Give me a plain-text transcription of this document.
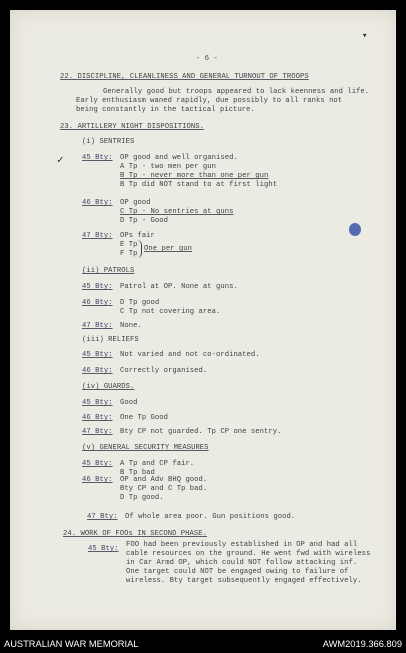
▾
- 6 -
22. DISCIPLINE, CLEANLINESS AND GENERAL TURNOUT OF TROOPS
Generally good but troops appeared to lack keenness and life.
Early enthusiasm waned rapidly, due possibly to all ranks not
being constantly in the tactical picture.
23. ARTILLERY NIGHT DISPOSITIONS.
(i) SENTRIES
✓	45 Bty: OP good and well organised.
A Tp - two men per gun
B Tp - never more than one per gun
B Tp did NOT stand to at first light
46 Bty: OP good
C Tp - No sentries at guns
D Tp - Good
47 Bty: OPs fair
E Tp
F Tp
One per gun
(ii) PATROLS
45 Bty: Patrol at OP. None at guns.
46 Bty: D Tp good
C Tp not covering area.
47 Bty: None.
(iii) RELIEFS
45 Bty: Not varied and not co-ordinated.
46 Bty: Correctly organised.
(iv) GUARDS.
45 Bty: Good
46 Bty: One Tp Good
47 Bty: Bty CP not guarded. Tp CP one sentry.
(v) GENERAL SECURITY MEASURES
45 Bty: A Tp and CP fair.
B Tp bad
46 Bty: OP and Adv BHQ good.
Bty CP and C Tp bad.
D Tp good.
47 Bty: Of whole area poor. Gun positions good.
24. WORK OF FOOs IN SECOND PHASE.
45 Bty: FOO had been previously established in OP and had all
cable resources on the ground. He went fwd with wireless
in Car Armd OP, which could NOT follow attacking inf.
One target could NOT be engaged owing to failure of
wireless. Bty target subsequently engaged effectively.
AUSTRALIAN WAR MEMORIAL	AWM2019.366.809
